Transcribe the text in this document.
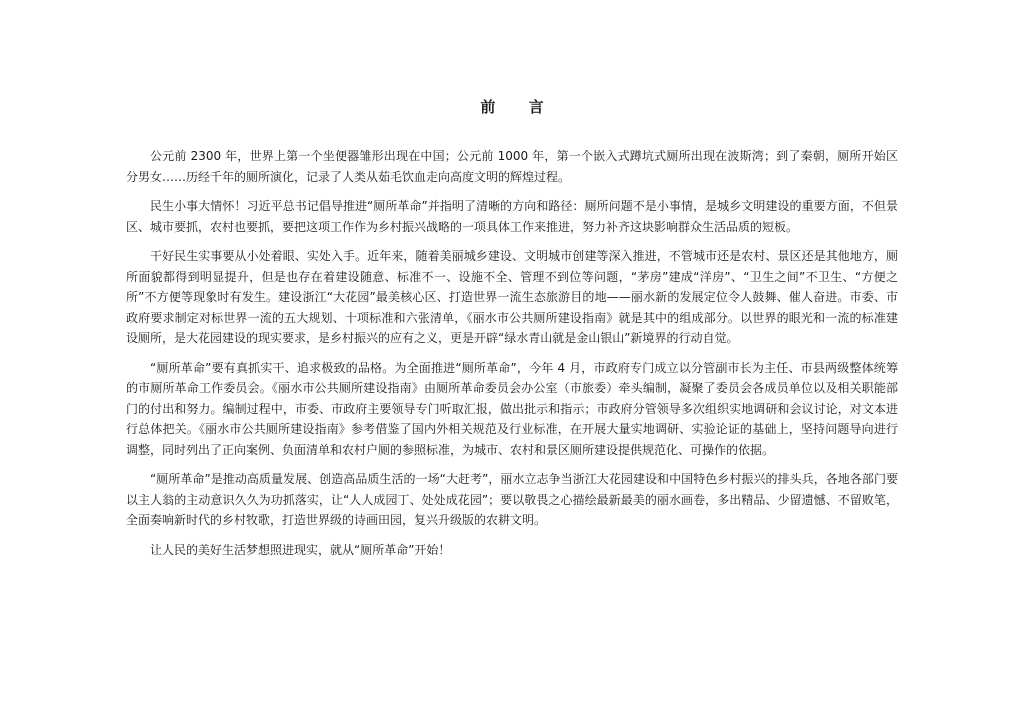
前 言

公元前 2300 年，世界上第一个坐便器雏形出现在中国；公元前 1000 年，第一个嵌入式蹲坑式厕所出现在波斯湾；到了秦朝，厕所开始区分男女……历经千年的厕所演化，记录了人类从茹毛饮血走向高度文明的辉煌过程。

民生小事大情怀！习近平总书记倡导推进“厕所革命”并指明了清晰的方向和路径：厕所问题不是小事情，是城乡文明建设的重要方面，不但景区、城市要抓，农村也要抓，要把这项工作作为乡村振兴战略的一项具体工作来推进，努力补齐这块影响群众生活品质的短板。

干好民生实事要从小处着眼、实处入手。近年来，随着美丽城乡建设、文明城市创建等深入推进，不管城市还是农村、景区还是其他地方，厕所面貌都得到明显提升，但是也存在着建设随意、标准不一、设施不全、管理不到位等问题，“茅房”建成“洋房”、“卫生之间”不卫生、“方便之所”不方便等现象时有发生。建设浙江“大花园”最美核心区、打造世界一流生态旅游目的地——丽水新的发展定位令人鼓舞、催人奋进。市委、市政府要求制定对标世界一流的五大规划、十项标准和六张清单，《丽水市公共厕所建设指南》就是其中的组成部分。以世界的眼光和一流的标准建设厕所，是大花园建设的现实要求，是乡村振兴的应有之义，更是开辟“绿水青山就是金山银山”新境界的行动自觉。

“厕所革命”要有真抓实干、追求极致的品格。为全面推进“厕所革命”，今年 4 月，市政府专门成立以分管副市长为主任、市县两级整体统筹的市厕所革命工作委员会。《丽水市公共厕所建设指南》由厕所革命委员会办公室（市旅委）牵头编制，凝聚了委员会各成员单位以及相关职能部门的付出和努力。编制过程中，市委、市政府主要领导专门听取汇报，做出批示和指示；市政府分管领导多次组织实地调研和会议讨论，对文本进行总体把关。《丽水市公共厕所建设指南》参考借鉴了国内外相关规范及行业标准，在开展大量实地调研、实验论证的基础上，坚持问题导向进行调整，同时列出了正向案例、负面清单和农村户厕的参照标准，为城市、农村和景区厕所建设提供规范化、可操作的依据。

“厕所革命”是推动高质量发展、创造高品质生活的一场“大赶考”，丽水立志争当浙江大花园建设和中国特色乡村振兴的排头兵，各地各部门要以主人翁的主动意识久久为功抓落实，让“人人成园丁、处处成花园”；要以敬畏之心描绘最新最美的丽水画卷，多出精品、少留遗憾、不留败笔，全面奏响新时代的乡村牧歌，打造世界级的诗画田园，复兴升级版的农耕文明。

让人民的美好生活梦想照进现实，就从“厕所革命”开始！
